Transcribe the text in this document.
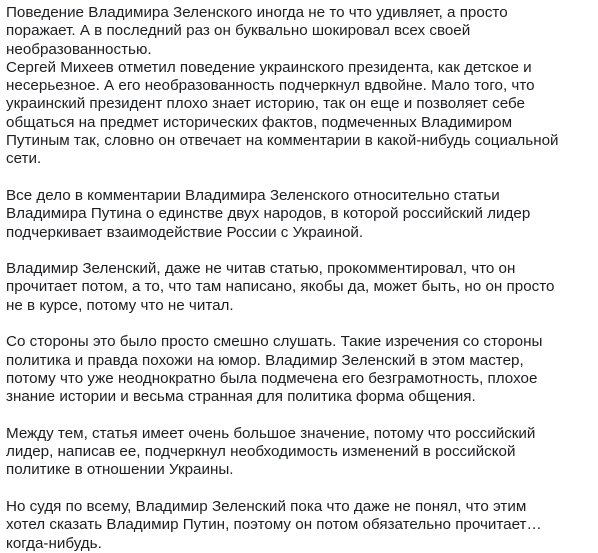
Поведение Владимира Зеленского иногда не то что удивляет, а просто
поражает. А в последний раз он буквально шокировал всех своей
необразованностью.
Сергей Михеев отметил поведение украинского президента, как детское и
несерьезное. А его необразованность подчеркнул вдвойне. Мало того, что
украинский президент плохо знает историю, так он еще и позволяет себе
общаться на предмет исторических фактов, подмеченных Владимиром
Путиным так, словно он отвечает на комментарии в какой-нибудь социальной
сети.

Все дело в комментарии Владимира Зеленского относительно статьи
Владимира Путина о единстве двух народов, в которой российский лидер
подчеркивает взаимодействие России с Украиной.

Владимир Зеленский, даже не читав статью, прокомментировал, что он
прочитает потом, а то, что там написано, якобы да, может быть, но он просто
не в курсе, потому что не читал.

Со стороны это было просто смешно слушать. Такие изречения со стороны
политика и правда похожи на юмор. Владимир Зеленский в этом мастер,
потому что уже неоднократно была подмечена его безграмотность, плохое
знание истории и весьма странная для политика форма общения.

Между тем, статья имеет очень большое значение, потому что российский
лидер, написав ее, подчеркнул необходимость изменений в российской
политике в отношении Украины.

Но судя по всему, Владимир Зеленский пока что даже не понял, что этим
хотел сказать Владимир Путин, поэтому он потом обязательно прочитает…
когда-нибудь.
